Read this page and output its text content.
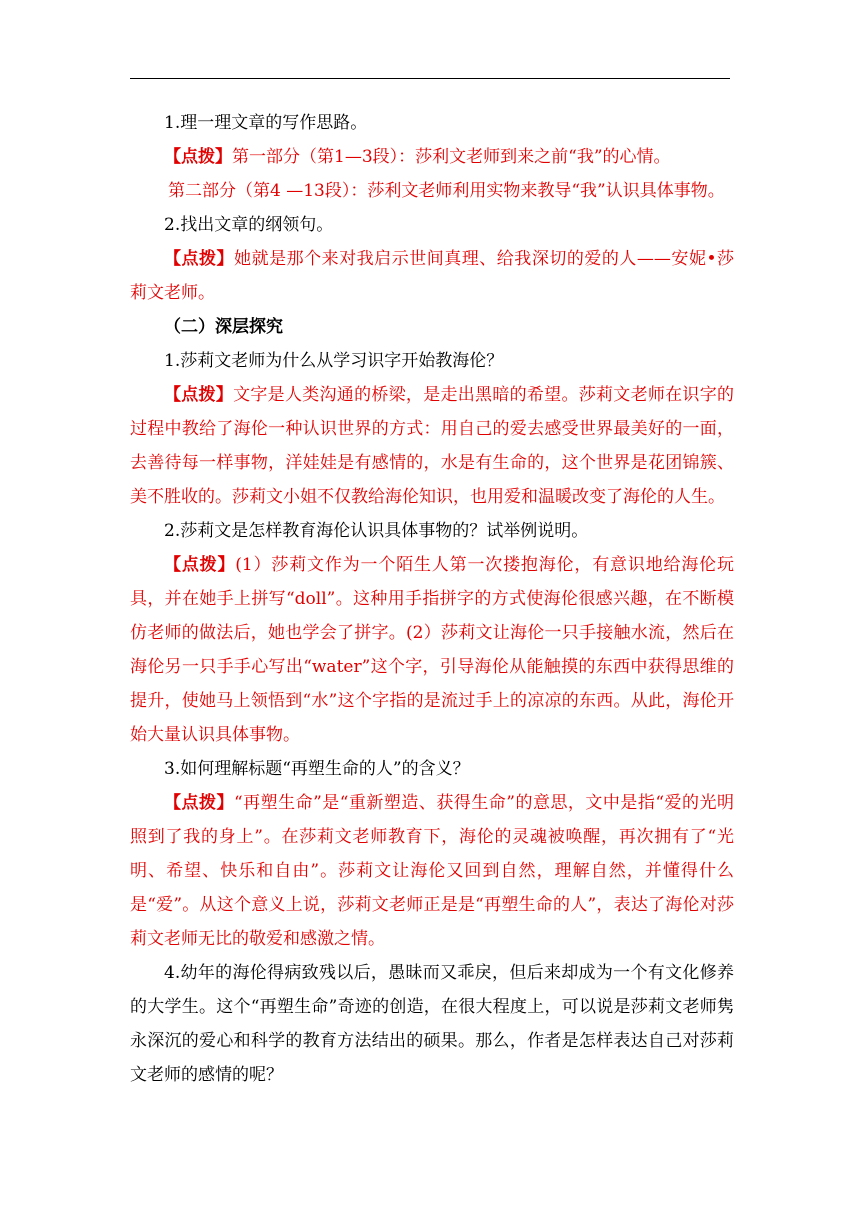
1.理一理文章的写作思路。

【点拨】第一部分（第1—3段）：莎利文老师到来之前“我”的心情。

第二部分（第4 —13段）：莎利文老师利用实物来教导“我”认识具体事物。

2.找出文章的纲领句。

【点拨】她就是那个来对我启示世间真理、给我深切的爱的人——安妮•莎莉文老师。

（二）深层探究

1.莎莉文老师为什么从学习识字开始教海伦？

【点拨】文字是人类沟通的桥梁，是走出黑暗的希望。莎莉文老师在识字的过程中教给了海伦一种认识世界的方式：用自己的爱去感受世界最美好的一面，去善待每一样事物，洋娃娃是有感情的，水是有生命的，这个世界是花团锦簇、美不胜收的。莎莉文小姐不仅教给海伦知识，也用爱和温暖改变了海伦的人生。

2.莎莉文是怎样教育海伦认识具体事物的？试举例说明。

【点拨】(1）莎莉文作为一个陌生人第一次搂抱海伦，有意识地给海伦玩具，并在她手上拼写“doll”。这种用手指拼字的方式使海伦很感兴趣，在不断模仿老师的做法后，她也学会了拼字。(2）莎莉文让海伦一只手接触水流，然后在海伦另一只手手心写出“water”这个字，引导海伦从能触摸的东西中获得思维的提升，使她马上领悟到“水”这个字指的是流过手上的凉凉的东西。从此，海伦开始大量认识具体事物。

3.如何理解标题“再塑生命的人”的含义？

【点拨】“再塑生命”是“重新塑造、获得生命”的意思，文中是指“爱的光明照到了我的身上”。在莎莉文老师教育下，海伦的灵魂被唤醒，再次拥有了“光明、希望、快乐和自由”。莎莉文让海伦又回到自然，理解自然，并懂得什么是“爱”。从这个意义上说，莎莉文老师正是是“再塑生命的人”，表达了海伦对莎莉文老师无比的敬爱和感激之情。

4.幼年的海伦得病致残以后，愚昧而又乖戾，但后来却成为一个有文化修养的大学生。这个“再塑生命”奇迹的创造，在很大程度上，可以说是莎莉文老师隽永深沉的爱心和科学的教育方法结出的硕果。那么，作者是怎样表达自己对莎莉文老师的感情的呢？
